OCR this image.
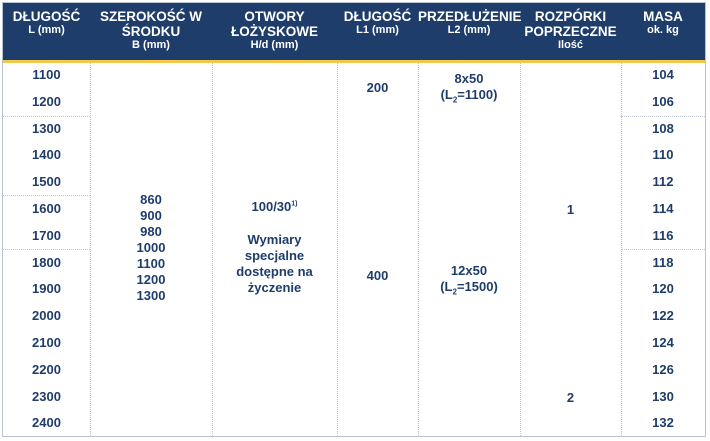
DŁUGOŚĆ
L (mm)
SZEROKOŚĆ W ŚRODKU
B (mm)
OTWORY ŁOŻYSKOWE
H/d (mm)
DŁUGOŚĆ
L1 (mm)
PRZEDŁUŻENIE
L2 (mm)
ROZPÓRKI POPRZECZNE
Ilość
MASA
ok. kg
1100
1200
1300
1400
1500
1600
1700
1800
1900
2000
2100
2200
2300
2400
104
106
108
110
112
114
116
118
120
122
124
126
130
132
860
900
980
1000
1100
1200
1300
100/30$^{1)}$
Wymiary
specjalne
dostępne na
życzenie
200
400
8x50
$(L_2=1100)$
12x50
$(L_2=1500)$
1
2
